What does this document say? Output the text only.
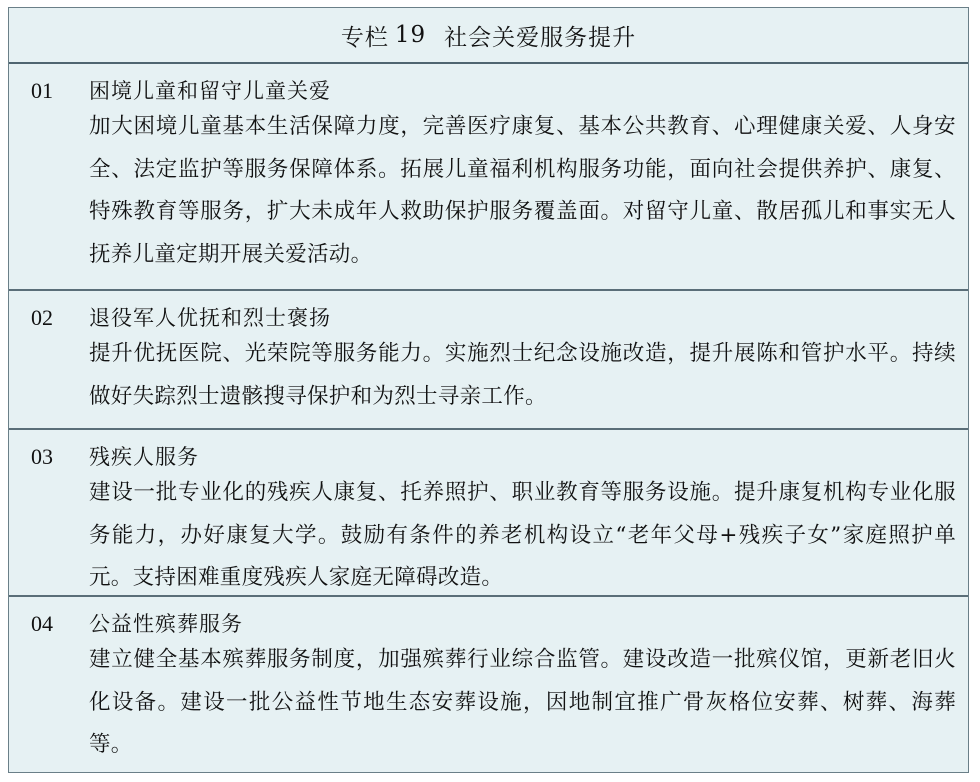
专栏 19 社会关爱服务提升
01	困境儿童和留守儿童关爱
加大困境儿童基本生活保障力度，完善医疗康复、基本公共教育、心理健康关爱、人身安全、法定监护等服务保障体系。拓展儿童福利机构服务功能，面向社会提供养护、康复、特殊教育等服务，扩大未成年人救助保护服务覆盖面。对留守儿童、散居孤儿和事实无人抚养儿童定期开展关爱活动。
02	退役军人优抚和烈士褒扬
提升优抚医院、光荣院等服务能力。实施烈士纪念设施改造，提升展陈和管护水平。持续做好失踪烈士遗骸搜寻保护和为烈士寻亲工作。
03	残疾人服务
建设一批专业化的残疾人康复、托养照护、职业教育等服务设施。提升康复机构专业化服务能力，办好康复大学。鼓励有条件的养老机构设立“老年父母+残疾子女”家庭照护单元。支持困难重度残疾人家庭无障碍改造。
04	公益性殡葬服务
建立健全基本殡葬服务制度，加强殡葬行业综合监管。建设改造一批殡仪馆，更新老旧火化设备。建设一批公益性节地生态安葬设施，因地制宜推广骨灰格位安葬、树葬、海葬等。
